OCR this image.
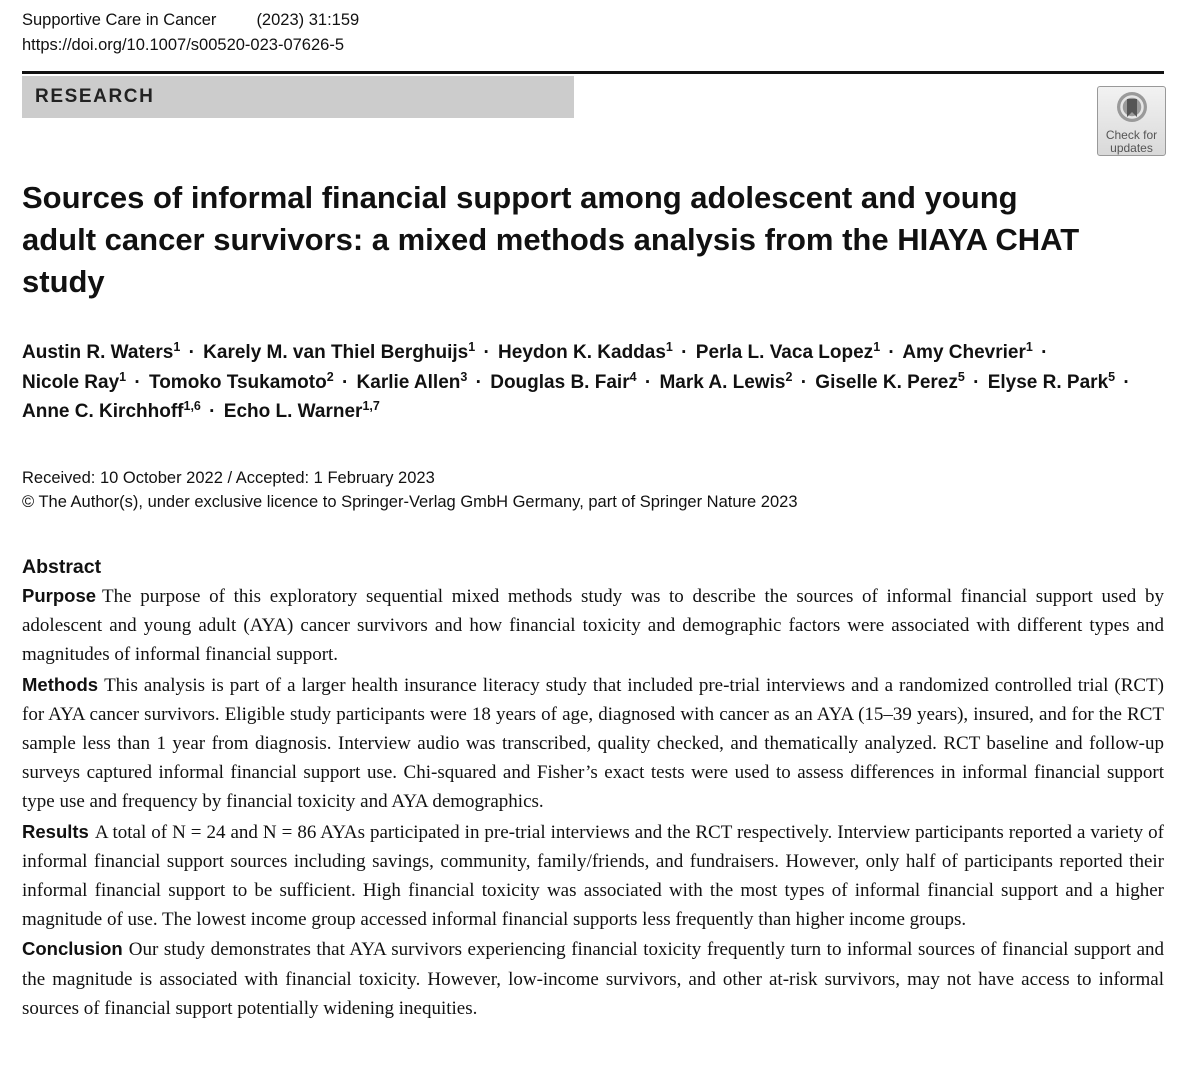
Supportive Care in Cancer (2023) 31:159
https://doi.org/10.1007/s00520-023-07626-5
RESEARCH
Check for
updates
Sources of informal financial support among adolescent and young adult cancer survivors: a mixed methods analysis from the HIAYA CHAT study

Austin R. Waters$^1$ · Karely M. van Thiel Berghuijs$^1$ · Heydon K. Kaddas$^1$ · Perla L. Vaca Lopez$^1$ · Amy Chevrier$^1$ ·
Nicole Ray$^1$ · Tomoko Tsukamoto$^2$ · Karlie Allen$^3$ · Douglas B. Fair$^4$ · Mark A. Lewis$^2$ · Giselle K. Perez$^5$ · Elyse R. Park$^5$ ·
Anne C. Kirchhoff$^{1,6}$ · Echo L. Warner$^{1,7}$

Received: 10 October 2022 / Accepted: 1 February 2023
© The Author(s), under exclusive licence to Springer-Verlag GmbH Germany, part of Springer Nature 2023
Abstract

Purpose The purpose of this exploratory sequential mixed methods study was to describe the sources of informal financial support used by adolescent and young adult (AYA) cancer survivors and how financial toxicity and demographic factors were associated with different types and magnitudes of informal financial support.

Methods This analysis is part of a larger health insurance literacy study that included pre-trial interviews and a randomized controlled trial (RCT) for AYA cancer survivors. Eligible study participants were 18 years of age, diagnosed with cancer as an AYA (15–39 years), insured, and for the RCT sample less than 1 year from diagnosis. Interview audio was transcribed, quality checked, and thematically analyzed. RCT baseline and follow-up surveys captured informal financial support use. Chi-squared and Fisher’s exact tests were used to assess differences in informal financial support type use and frequency by financial toxicity and AYA demographics.

Results A total of N = 24 and N = 86 AYAs participated in pre-trial interviews and the RCT respectively. Interview participants reported a variety of informal financial support sources including savings, community, family/friends, and fundraisers. However, only half of participants reported their informal financial support to be sufficient. High financial toxicity was associated with the most types of informal financial support and a higher magnitude of use. The lowest income group accessed informal financial supports less frequently than higher income groups.

Conclusion Our study demonstrates that AYA survivors experiencing financial toxicity frequently turn to informal sources of financial support and the magnitude is associated with financial toxicity. However, low-income survivors, and other at-risk survivors, may not have access to informal sources of financial support potentially widening inequities.
